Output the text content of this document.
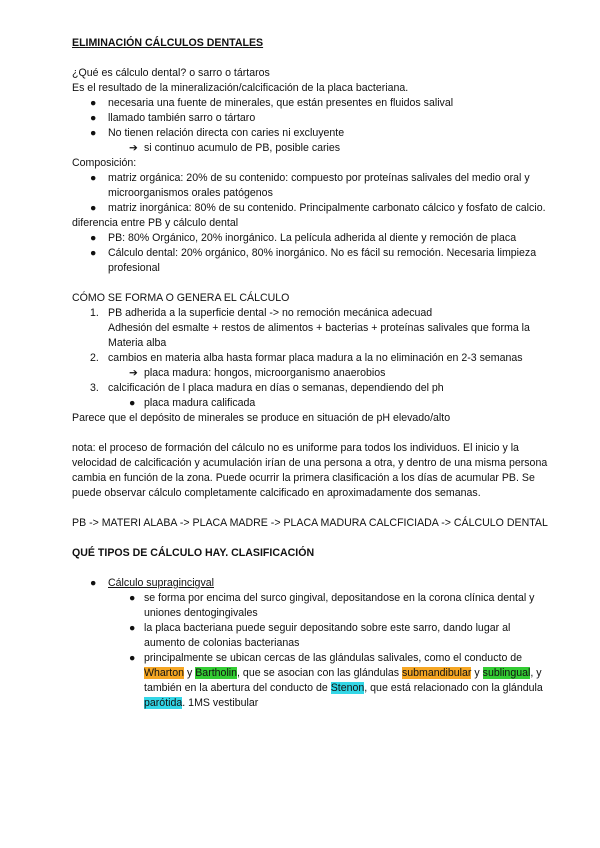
ELIMINACIÓN CÁLCULOS DENTALES

¿Qué es cálculo dental? o sarro o tártaros

Es el resultado de la mineralización/calcificación de la placa bacteriana.

● necesaria una fuente de minerales, que están presentes en fluidos salival
● llamado también sarro o tártaro
● No tienen relación directa con caries ni excluyente
➔ si continuo acumulo de PB, posible caries

Composición:

● matriz orgánica: 20% de su contenido: compuesto por proteínas salivales del medio oral y microorganismos orales patógenos
● matriz inorgánica: 80% de su contenido. Principalmente carbonato cálcico y fosfato de calcio.

diferencia entre PB y cálculo dental

● PB: 80% Orgánico, 20% inorgánico. La película adherida al diente y remoción de placa
● Cálculo dental: 20% orgánico, 80% inorgánico. No es fácil su remoción. Necesaria limpieza profesional

CÓMO SE FORMA O GENERA EL CÁLCULO

1. PB adherida a la superficie dental -> no remoción mecánica adecuad
Adhesión del esmalte + restos de alimentos + bacterias + proteínas salivales que forma la Materia alba
2. cambios en materia alba hasta formar placa madura a la no eliminación en 2-3 semanas
➔ placa madura: hongos, microorganismo anaerobios
3. calcificación de l placa madura en días o semanas, dependiendo del ph
● placa madura calificada

Parece que el depósito de minerales se produce en situación de pH elevado/alto

nota: el proceso de formación del cálculo no es uniforme para todos los individuos. El inicio y la velocidad de calcificación y acumulación irían de una persona a otra, y dentro de una misma persona cambia en función de la zona. Puede ocurrir la primera clasificación a los días de acumular PB. Se puede observar cálculo completamente calcificado en aproximadamente dos semanas.

PB -> MATERI ALABA -> PLACA MADRE -> PLACA MADURA CALCFICIADA -> CÁLCULO DENTAL

QUÉ TIPOS DE CÁLCULO HAY. CLASIFICACIÓN

● Cálculo supragincigval
● se forma por encima del surco gingival, depositandose en la corona clínica dental y uniones dentogingivales
● la placa bacteriana puede seguir depositando sobre este sarro, dando lugar al aumento de colonias bacterianas
● principalmente se ubican cercas de las glándulas salivales, como el conducto de Wharton y Bartholin, que se asocian con las glándulas submandibular y sublingual, y también en la abertura del conducto de Stenon, que está relacionado con la glándula parótida. 1MS vestibular
